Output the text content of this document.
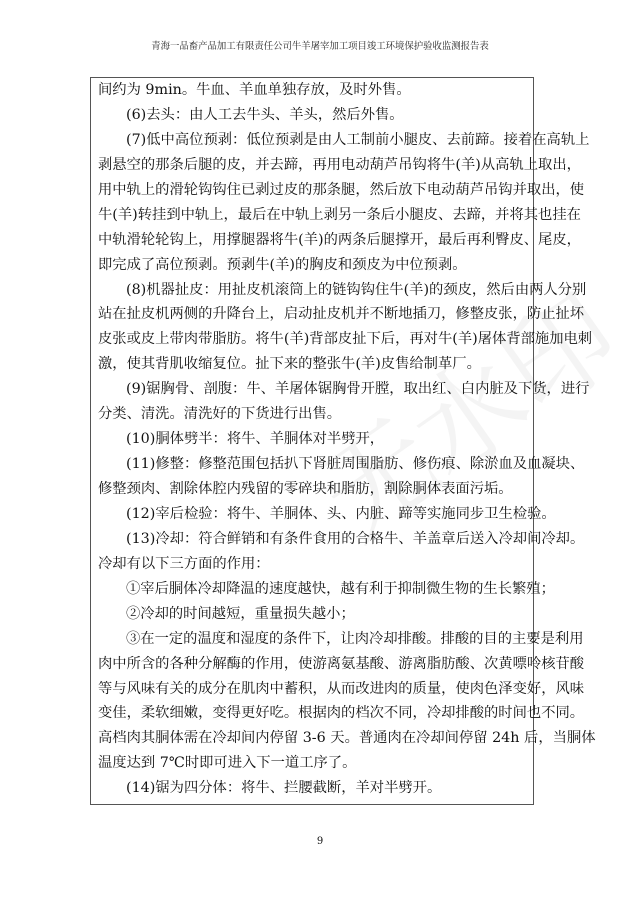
青海一品畜产品加工有限责任公司牛羊屠宰加工项目竣工环境保护验收监测报告表
间约为 9min。牛血、羊血单独存放，及时外售。
(6)去头：由人工去牛头、羊头，然后外售。
(7)低中高位预剥：低位预剥是由人工制前小腿皮、去前蹄。接着在高轨上
剥悬空的那条后腿的皮，并去蹄，再用电动葫芦吊钩将牛(羊)从高轨上取出，
用中轨上的滑轮钩钩住已剥过皮的那条腿，然后放下电动葫芦吊钩并取出，使
牛(羊)转挂到中轨上，最后在中轨上剥另一条后小腿皮、去蹄，并将其也挂在
中轨滑轮轮钩上，用撑腿器将牛(羊)的两条后腿撑开，最后再利臀皮、尾皮，
即完成了高位预剥。预剥牛(羊)的胸皮和颈皮为中位预剥。
(8)机器扯皮：用扯皮机滚筒上的链钩钩住牛(羊)的颈皮，然后由两人分别
站在扯皮机两侧的升降台上，启动扯皮机并不断地插刀，修整皮张，防止扯坏
皮张或皮上带肉带脂肪。将牛(羊)背部皮扯下后，再对牛(羊)屠体背部施加电刺
激，使其背肌收缩复位。扯下来的整张牛(羊)皮售给制革厂。
(9)锯胸骨、剖腹：牛、羊屠体锯胸骨开膛，取出红、白内脏及下货，进行
分类、清洗。清洗好的下货进行出售。
(10)胴体劈半：将牛、羊胴体对半劈开，
(11)修整：修整范围包括扒下肾脏周围脂肪、修伤痕、除淤血及血凝块、
修整颈肉、割除体腔内残留的零碎块和脂肪，割除胴体表面污垢。
(12)宰后检验：将牛、羊胴体、头、内脏、蹄等实施同步卫生检验。
(13)冷却：符合鲜销和有条件食用的合格牛、羊盖章后送入冷却间冷却。
冷却有以下三方面的作用：
①宰后胴体冷却降温的速度越快，越有利于抑制微生物的生长繁殖；
②冷却的时间越短，重量损失越小；
③在一定的温度和湿度的条件下，让肉冷却排酸。排酸的目的主要是利用
肉中所含的各种分解酶的作用，使游离氨基酸、游离脂肪酸、次黄嘌呤核苷酸
等与风味有关的成分在肌肉中蓄积，从而改进肉的质量，使肉色泽变好，风味
变佳，柔软细嫩，变得更好吃。根据肉的档次不同，冷却排酸的时间也不同。
高档肉其胴体需在冷却间内停留 3-6 天。普通肉在冷却间停留 24h 后，当胴体
温度达到 7℃时即可进入下一道工序了。
(14)锯为四分体：将牛、拦腰截断，羊对半劈开。
9
